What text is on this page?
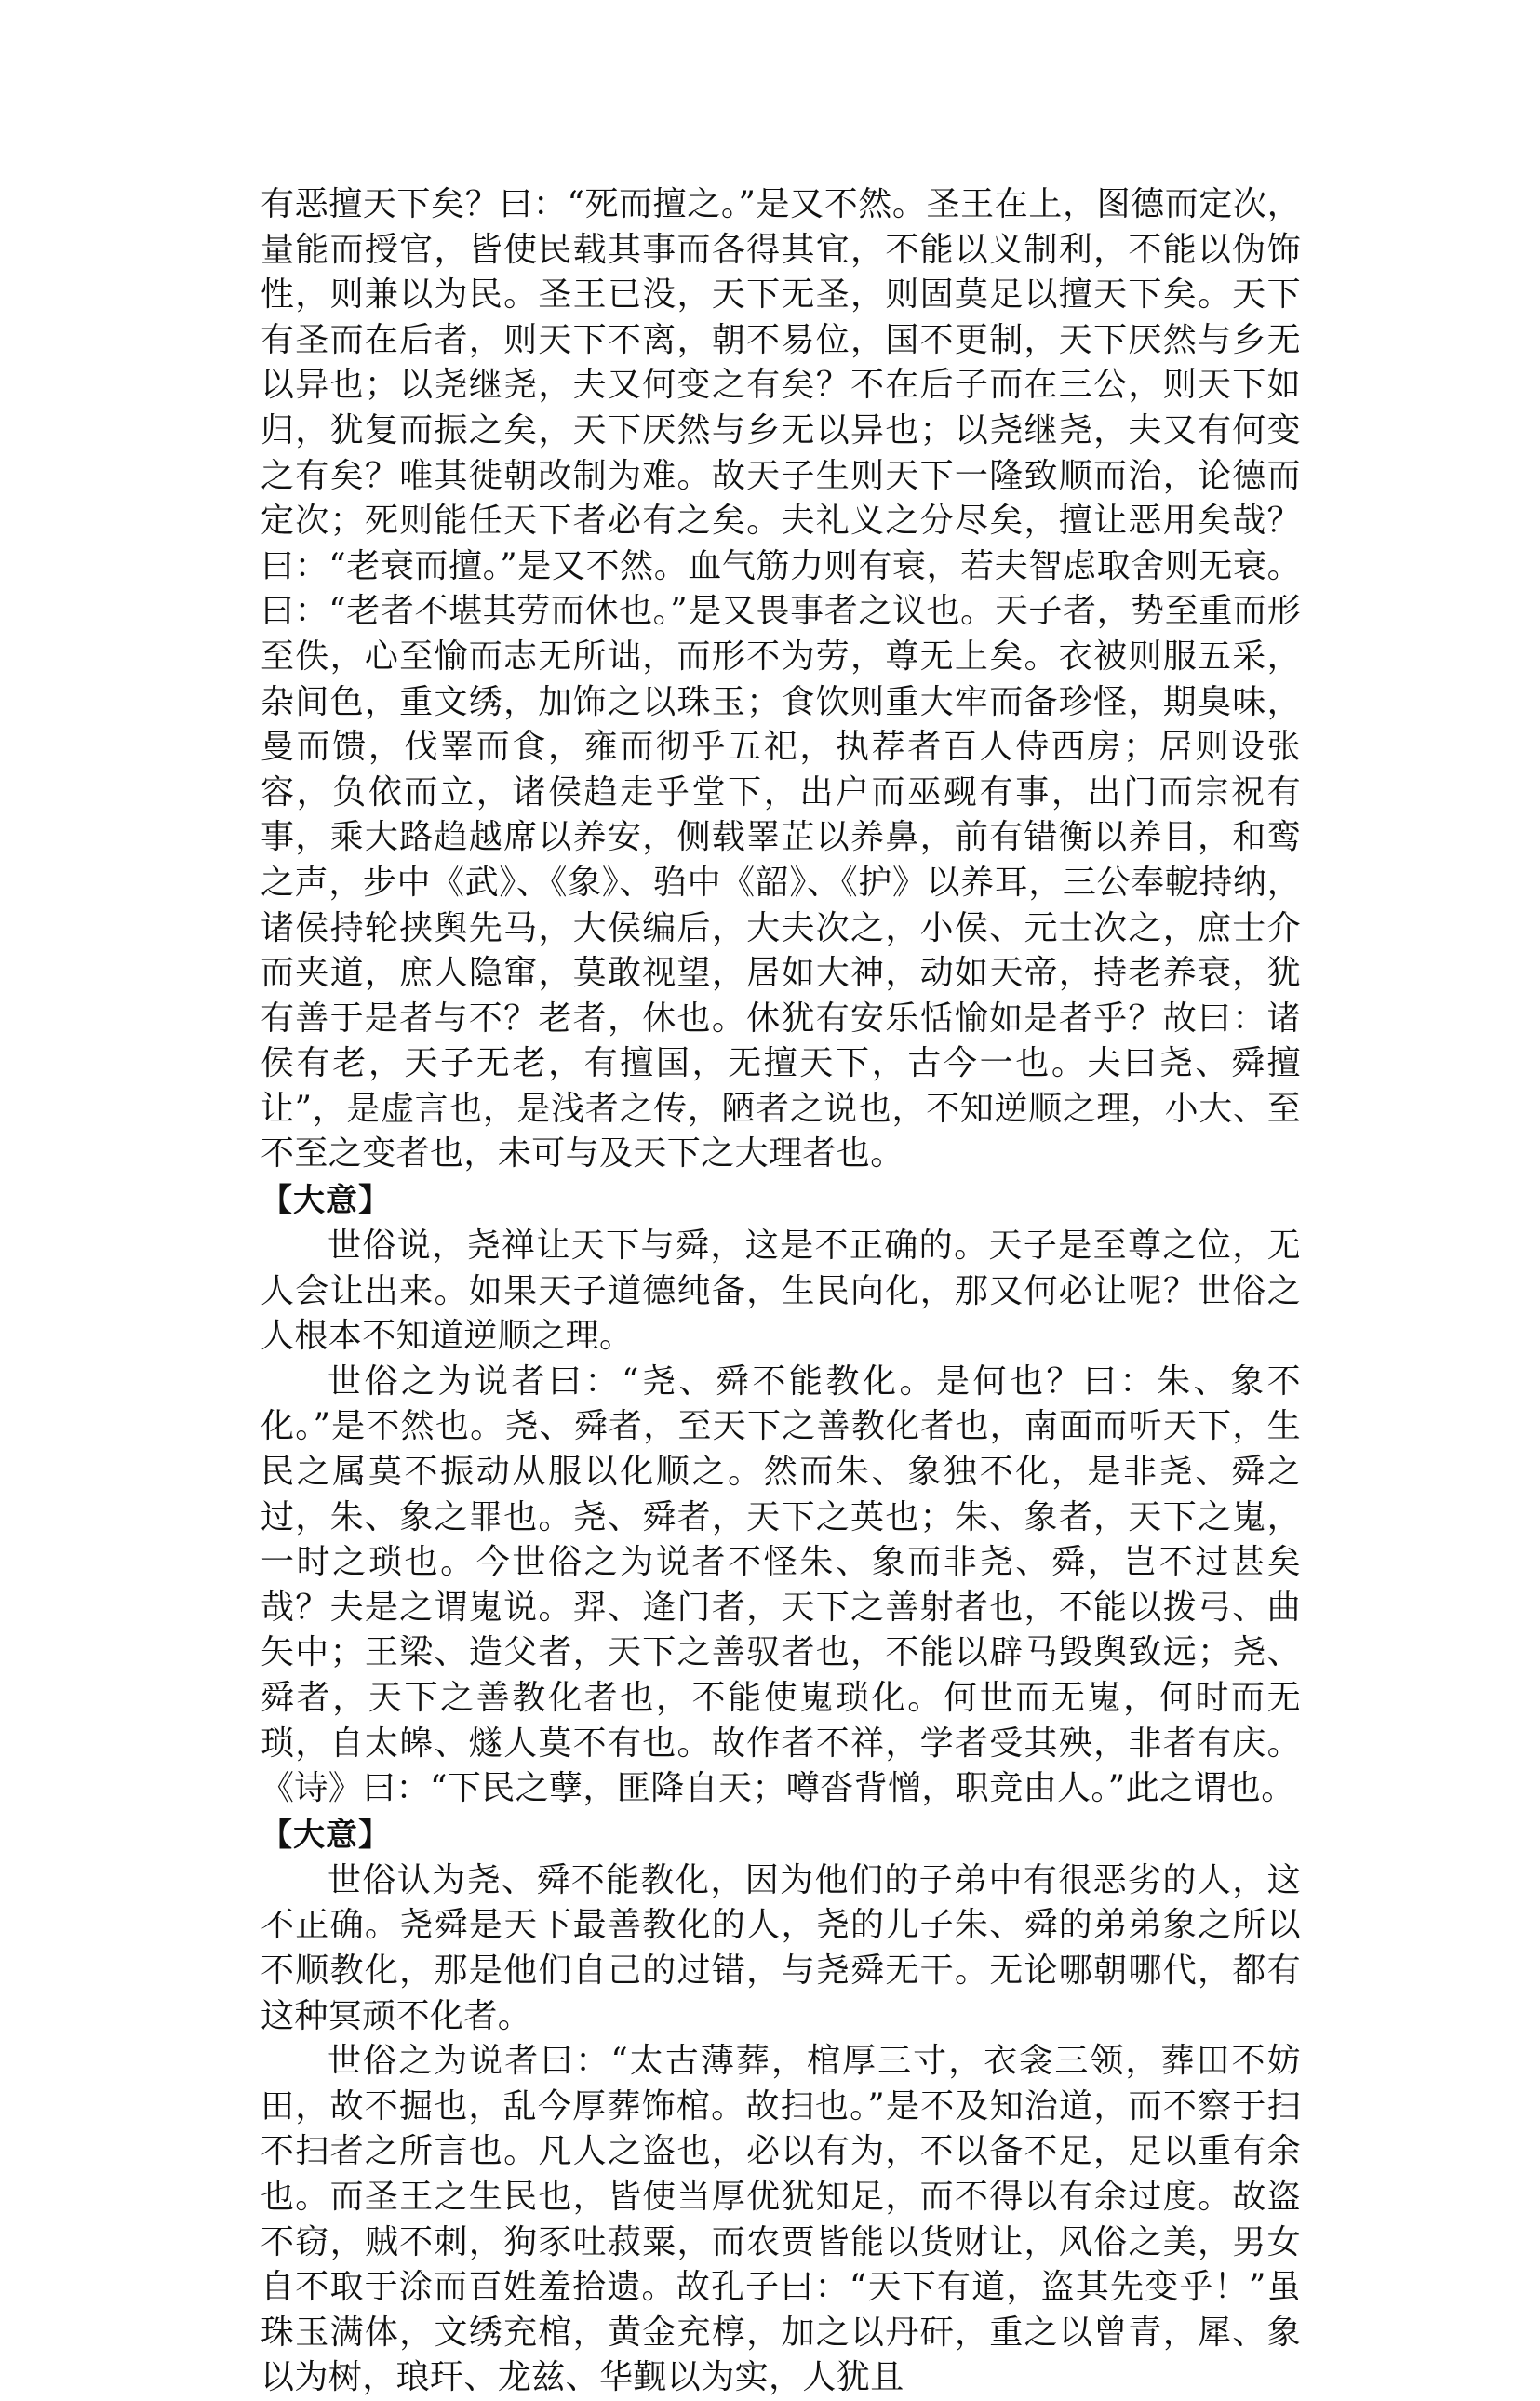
有恶擅天下矣？曰：“死而擅之。”是又不然。圣王在上，图德而定次，量能而授官，皆使民载其事而各得其宜，不能以义制利，不能以伪饰性，则兼以为民。圣王已没，天下无圣，则固莫足以擅天下矣。天下有圣而在后者，则天下不离，朝不易位，国不更制，天下厌然与乡无以异也；以尧继尧，夫又何变之有矣？不在后子而在三公，则天下如归，犹复而振之矣，天下厌然与乡无以异也；以尧继尧，夫又有何变之有矣？唯其徙朝改制为难。故天子生则天下一隆致顺而治，论德而定次；死则能任天下者必有之矣。夫礼义之分尽矣，擅让恶用矣哉？曰：“老衰而擅。”是又不然。血气筋力则有衰，若夫智虑取舍则无衰。曰：“老者不堪其劳而休也。”是又畏事者之议也。天子者，势至重而形至佚，心至愉而志无所诎，而形不为劳，尊无上矣。衣被则服五采，杂间色，重文绣，加饰之以珠玉；食饮则重大牢而备珍怪，期臭味，曼而馈，伐睪而食，雍而彻乎五祀，执荐者百人侍西房；居则设张容，负依而立，诸侯趋走乎堂下，出户而巫觋有事，出门而宗祝有事，乘大路趋越席以养安，侧载睪芷以养鼻，前有错衡以养目，和鸾之声，步中《武》、《象》、驺中《韶》、《护》以养耳，三公奉軶持纳，诸侯持轮挟舆先马，大侯编后，大夫次之，小侯、元士次之，庶士介而夹道，庶人隐窜，莫敢视望，居如大神，动如天帝，持老养衰，犹有善于是者与不？老者，休也。休犹有安乐恬愉如是者乎？故曰：诸侯有老，天子无老，有擅国，无擅天下，古今一也。夫曰尧、舜擅让”，是虚言也，是浅者之传，陋者之说也，不知逆顺之理，小大、至不至之变者也，未可与及天下之大理者也。

【大意】

世俗说，尧禅让天下与舜，这是不正确的。天子是至尊之位，无人会让出来。如果天子道德纯备，生民向化，那又何必让呢？世俗之人根本不知道逆顺之理。

世俗之为说者曰：“尧、舜不能教化。是何也？曰：朱、象不化。”是不然也。尧、舜者，至天下之善教化者也，南面而听天下，生民之属莫不振动从服以化顺之。然而朱、象独不化，是非尧、舜之过，朱、象之罪也。尧、舜者，天下之英也；朱、象者，天下之嵬，一时之琐也。今世俗之为说者不怪朱、象而非尧、舜，岂不过甚矣哉？夫是之谓嵬说。羿、逄门者，天下之善射者也，不能以拨弓、曲矢中；王梁、造父者，天下之善驭者也，不能以辟马毁舆致远；尧、舜者，天下之善教化者也，不能使嵬琐化。何世而无嵬，何时而无琐，自太皞、燧人莫不有也。故作者不祥，学者受其殃，非者有庆。《诗》曰：“下民之孽，匪降自天；噂沓背憎，职竞由人。”此之谓也。

【大意】

世俗认为尧、舜不能教化，因为他们的子弟中有很恶劣的人，这不正确。尧舜是天下最善教化的人，尧的儿子朱、舜的弟弟象之所以不顺教化，那是他们自己的过错，与尧舜无干。无论哪朝哪代，都有这种冥顽不化者。

世俗之为说者曰：“太古薄葬，棺厚三寸，衣衾三领，葬田不妨田，故不掘也，乱今厚葬饰棺。故扫也。”是不及知治道，而不察于扫不扫者之所言也。凡人之盗也，必以有为，不以备不足，足以重有余也。而圣王之生民也，皆使当厚优犹知足，而不得以有余过度。故盗不窃，贼不刺，狗豕吐菽粟，而农贾皆能以货财让，风俗之美，男女自不取于涂而百姓羞拾遗。故孔子曰：“天下有道，盗其先变乎！”虽珠玉满体，文绣充棺，黄金充椁，加之以丹矸，重之以曾青，犀、象以为树，琅玕、龙兹、华觐以为实，人犹且
